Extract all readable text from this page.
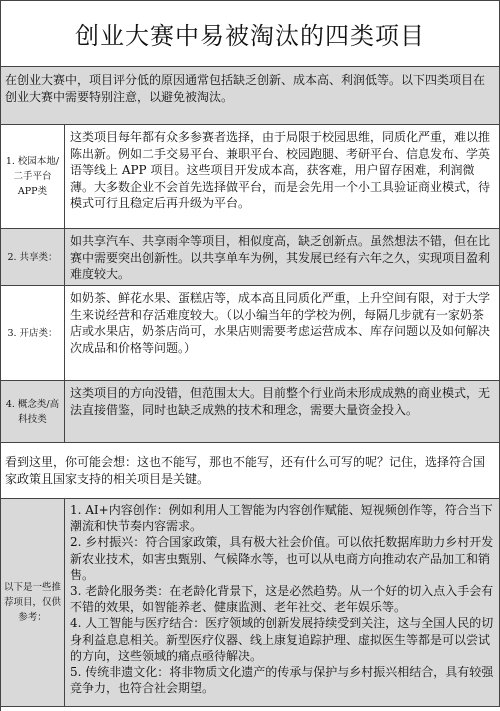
创业大赛中易被淘汰的四类项目
在创业大赛中，项目评分低的原因通常包括缺乏创新、成本高、利润低等。以下四类项目在创业大赛中需要特别注意，以避免被淘汰。
1. 校园本地/二手平台 APP类
这类项目每年都有众多参赛者选择，由于局限于校园思维，同质化严重，难以推陈出新。例如二手交易平台、兼职平台、校园跑腿、考研平台、信息发布、学英语等线上 APP 项目。这些项目开发成本高，获客难，用户留存困难，利润微薄。大多数企业不会首先选择做平台，而是会先用一个小工具验证商业模式，待模式可行且稳定后再升级为平台。
2. 共享类：
如共享汽车、共享雨伞等项目，相似度高，缺乏创新点。虽然想法不错，但在比赛中需要突出创新性。以共享单车为例，其发展已经有六年之久，实现项目盈利难度较大。
3. 开店类：
如奶茶、鲜花水果、蛋糕店等，成本高且同质化严重，上升空间有限，对于大学生来说经营和存活难度较大。（以小编当年的学校为例，每隔几步就有一家奶茶店或水果店，奶茶店尚可，水果店则需要考虑运营成本、库存问题以及如何解决次成品和价格等问题。）
4. 概念类/高科技类
这类项目的方向没错，但范围太大。目前整个行业尚未形成成熟的商业模式，无法直接借鉴，同时也缺乏成熟的技术和理念，需要大量资金投入。
看到这里，你可能会想：这也不能写，那也不能写，还有什么可写的呢？记住，选择符合国家政策且国家支持的相关项目是关键。
以下是一些推荐项目，仅供参考：

1. AI+内容创作：例如利用人工智能为内容创作赋能、短视频创作等，符合当下潮流和快节奏内容需求。

2. 乡村振兴：符合国家政策，具有极大社会价值。可以依托数据库助力乡村开发新农业技术，如害虫甄别、气候降水等，也可以从电商方向推动农产品加工和销售。

3. 老龄化服务类：在老龄化背景下，这是必然趋势。从一个好的切入点入手会有不错的效果，如智能养老、健康监测、老年社交、老年娱乐等。

4. 人工智能与医疗结合：医疗领域的创新发展持续受到关注，这与全国人民的切身利益息息相关。新型医疗仪器、线上康复追踪护理、虚拟医生等都是可以尝试的方向，这些领域的痛点亟待解决。

5. 传统非遗文化：将非物质文化遗产的传承与保护与乡村振兴相结合，具有较强竞争力，也符合社会期望。
